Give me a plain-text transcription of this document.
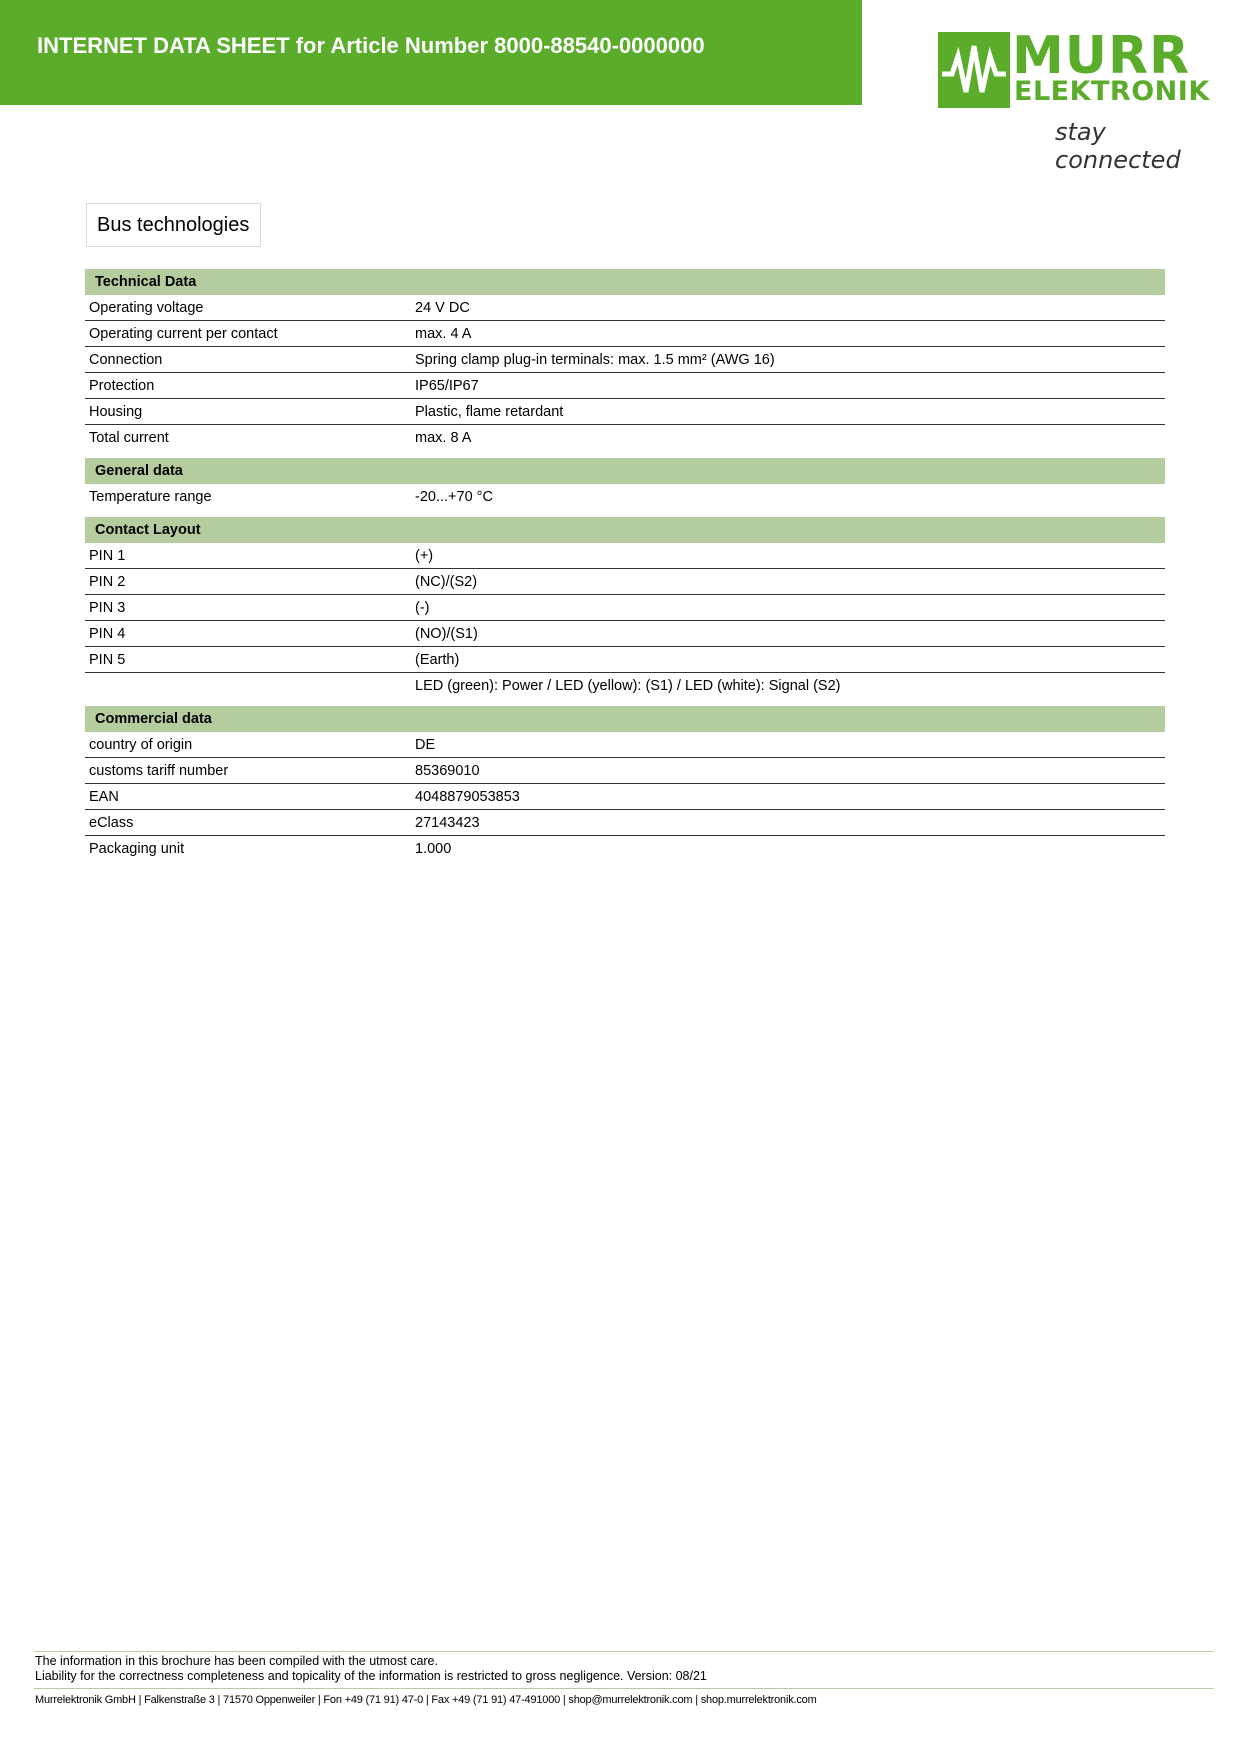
INTERNET DATA SHEET for Article Number 8000-88540-0000000	MURR
ELEKTRONIK
stay connected
Bus technologies
Technical Data	
Operating voltage	24 V DC
Operating current per contact	max. 4 A
Connection	Spring clamp plug-in terminals: max. 1.5 mm² (AWG 16)
Protection	IP65/IP67
Housing	Plastic, flame retardant
Total current	max. 8 A

General data	
Temperature range	-20...+70 °C

Contact Layout	
PIN 1	(+)
PIN 2	(NC)/(S2)
PIN 3	(-)
PIN 4	(NO)/(S1)
PIN 5	(Earth)
	LED (green): Power / LED (yellow): (S1) / LED (white): Signal (S2)

Commercial data	
country of origin	DE
customs tariff number	85369010
EAN	4048879053853
eClass	27143423
Packaging unit	1.000
The information in this brochure has been compiled with the utmost care.
Liability for the correctness completeness and topicality of the information is restricted to gross negligence. Version: 08/21
Murrelektronik GmbH | Falkenstraße 3 | 71570 Oppenweiler | Fon +49 (71 91) 47-0 | Fax +49 (71 91) 47-491000 | shop@murrelektronik.com | shop.murrelektronik.com
